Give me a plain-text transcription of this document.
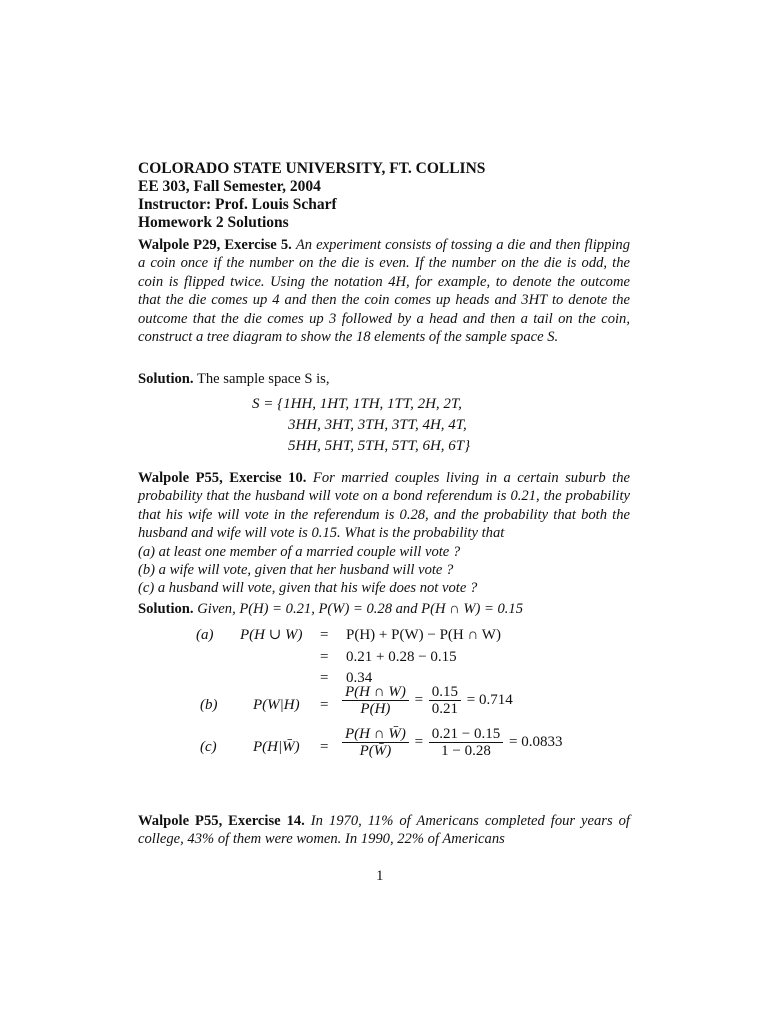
COLORADO STATE UNIVERSITY, FT. COLLINS
EE 303, Fall Semester, 2004
Instructor: Prof. Louis Scharf
Homework 2 Solutions

Walpole P29, Exercise 5. An experiment consists of tossing a die and then flipping a coin once if the number on the die is even. If the number on the die is odd, the coin is flipped twice. Using the notation 4H, for example, to denote the outcome that the die comes up 4 and then the coin comes up heads and 3HT to denote the outcome that the die comes up 3 followed by a head and then a tail on the coin, construct a tree diagram to show the 18 elements of the sample space S.

Solution. The sample space S is,

S = {1HH, 1HT, 1TH, 1TT, 2H, 2T,
3HH, 3HT, 3TH, 3TT, 4H, 4T,
5HH, 5HT, 5TH, 5TT, 6H, 6T}

Walpole P55, Exercise 10. For married couples living in a certain suburb the probability that the husband will vote on a bond referendum is 0.21, the probability that his wife will vote in the referendum is 0.28, and the probability that both the husband and wife will vote is 0.15. What is the probability that

(a) at least one member of a married couple will vote ?

(b) a wife will vote, given that her husband will vote ?

(c) a husband will vote, given that his wife does not vote ?

Solution. Given, P(H) = 0.21, P(W) = 0.28 and P(H ∩ W) = 0.15

(a) P(H ∪ W) = P(H) + P(W) − P(H ∩ W)
= 0.21 + 0.28 − 0.15
= 0.34
(b) $P(W|H) = \frac{P(H \cap W)}{P(H)} = \frac{0.15}{0.21} = 0.714$
(c) P(H|W̄) = $\frac{P(H \cap W̄)}{P(W̄)} = \frac{0.21 - 0.15}{1 - 0.28} = 0.0833$

Walpole P55, Exercise 14. In 1970, 11% of Americans completed four years of college, 43% of them were women. In 1990, 22% of Americans

1
